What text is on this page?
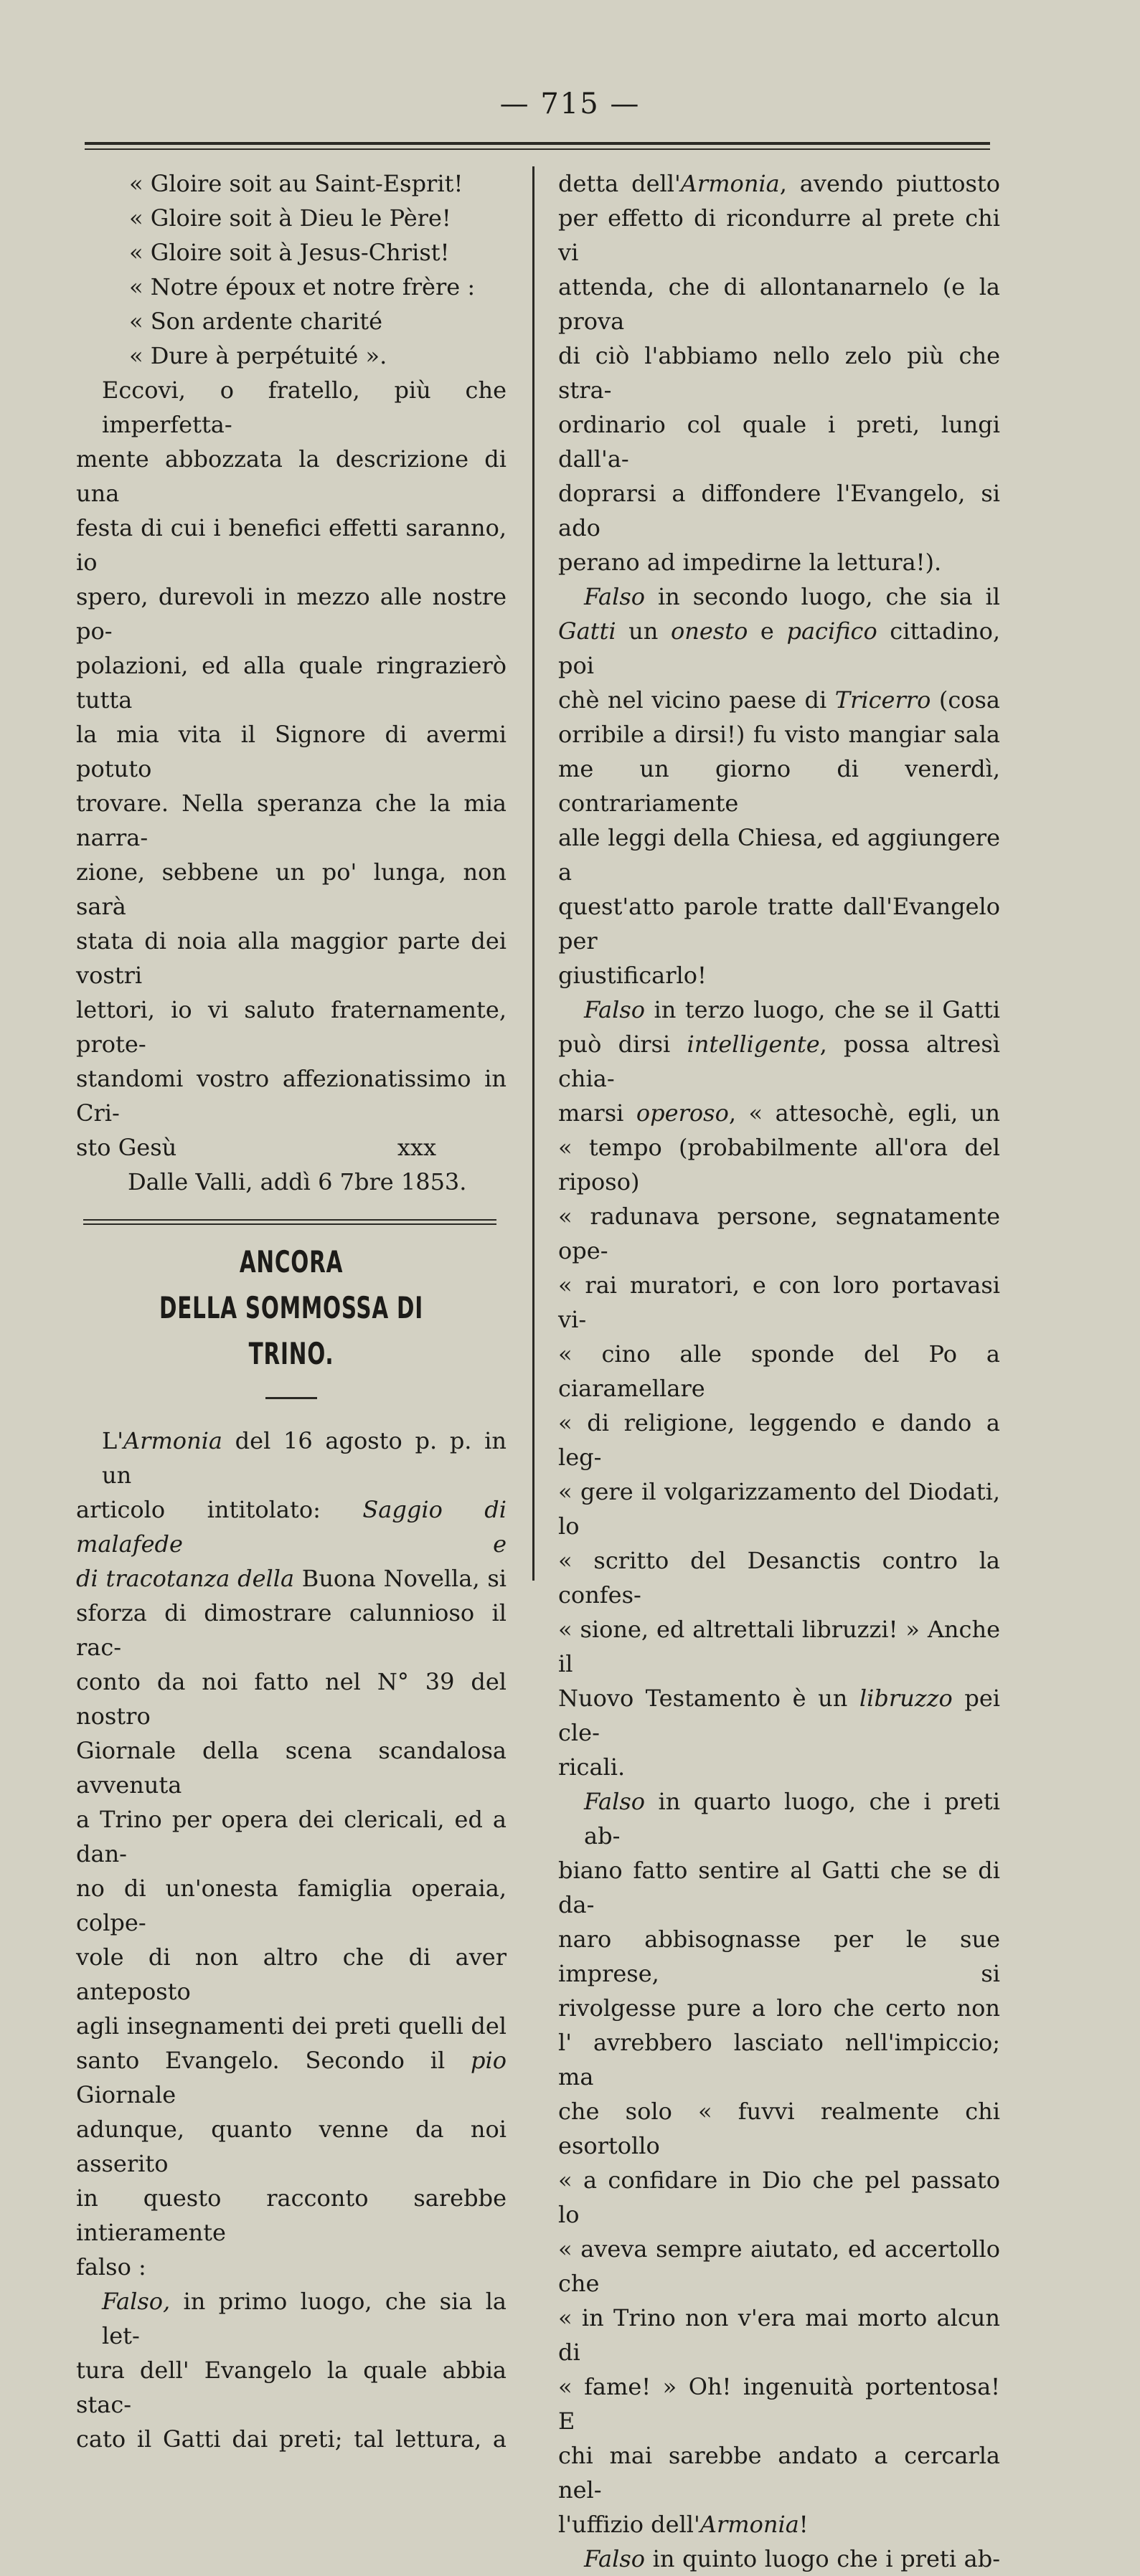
— 715 —
« Gloire soit au Saint-Esprit!
« Gloire soit à Dieu le Père!
« Gloire soit à Jesus-Christ!
« Notre époux et notre frère :
« Son ardente charité
« Dure à perpétuité ».
Eccovi, o fratello, più che imperfetta-
mente abbozzata la descrizione di una
festa di cui i benefici effetti saranno, io
spero, durevoli in mezzo alle nostre po-
polazioni, ed alla quale ringrazierò tutta
la mia vita il Signore di avermi potuto
trovare. Nella speranza che la mia narra-
zione, sebbene un po' lunga, non sarà
stata di noia alla maggior parte dei vostri
lettori, io vi saluto fraternamente, prote-
standomi vostro affezionatissimo in Cri-
sto Gesù	xxx
Dalle Valli, addì 6 7bre 1853.
ANCORA
DELLA SOMMOSSA DI TRINO.
L'Armonia del 16 agosto p. p. in un
articolo intitolato: Saggio di malafede e
di tracotanza della Buona Novella, si
sforza di dimostrare calunnioso il rac-
conto da noi fatto nel N° 39 del nostro
Giornale della scena scandalosa avvenuta
a Trino per opera dei clericali, ed a dan-
no di un'onesta famiglia operaia, colpe-
vole di non altro che di aver anteposto
agli insegnamenti dei preti quelli del
santo Evangelo. Secondo il pio Giornale
adunque, quanto venne da noi asserito
in questo racconto sarebbe intieramente
falso :
Falso, in primo luogo, che sia la let-
tura dell' Evangelo la quale abbia stac-
cato il Gatti dai preti; tal lettura, a
detta dell'Armonia, avendo piuttosto
per effetto di ricondurre al prete chi vi
attenda, che di allontanarnelo (e la prova
di ciò l'abbiamo nello zelo più che stra-
ordinario col quale i preti, lungi dall'a-
doprarsi a diffondere l'Evangelo, si ado
perano ad impedirne la lettura!).
Falso in secondo luogo, che sia il
Gatti un onesto e pacifico cittadino, poi
chè nel vicino paese di Tricerro (cosa
orribile a dirsi!) fu visto mangiar sala
me un giorno di venerdì, contrariamente
alle leggi della Chiesa, ed aggiungere a
quest'atto parole tratte dall'Evangelo per
giustificarlo!
Falso in terzo luogo, che se il Gatti
può dirsi intelligente, possa altresì chia-
marsi operoso, « attesochè, egli, un
« tempo (probabilmente all'ora del riposo)
« radunava persone, segnatamente ope-
« rai muratori, e con loro portavasi vi-
« cino alle sponde del Po a ciaramellare
« di religione, leggendo e dando a leg-
« gere il volgarizzamento del Diodati, lo
« scritto del Desanctis contro la confes-
« sione, ed altrettali libruzzi! » Anche il
Nuovo Testamento è un libruzzo pei cle-
ricali.
Falso in quarto luogo, che i preti ab-
biano fatto sentire al Gatti che se di da-
naro abbisognasse per le sue imprese, si
rivolgesse pure a loro che certo non
l' avrebbero lasciato nell'impiccio; ma
che solo « fuvvi realmente chi esortollo
« a confidare in Dio che pel passato lo
« aveva sempre aiutato, ed accertollo che
« in Trino non v'era mai morto alcun di
« fame! » Oh! ingenuità portentosa! E
chi mai sarebbe andato a cercarla nel-
l'uffizio dell'Armonia!
Falso in quinto luogo che i preti ab-
